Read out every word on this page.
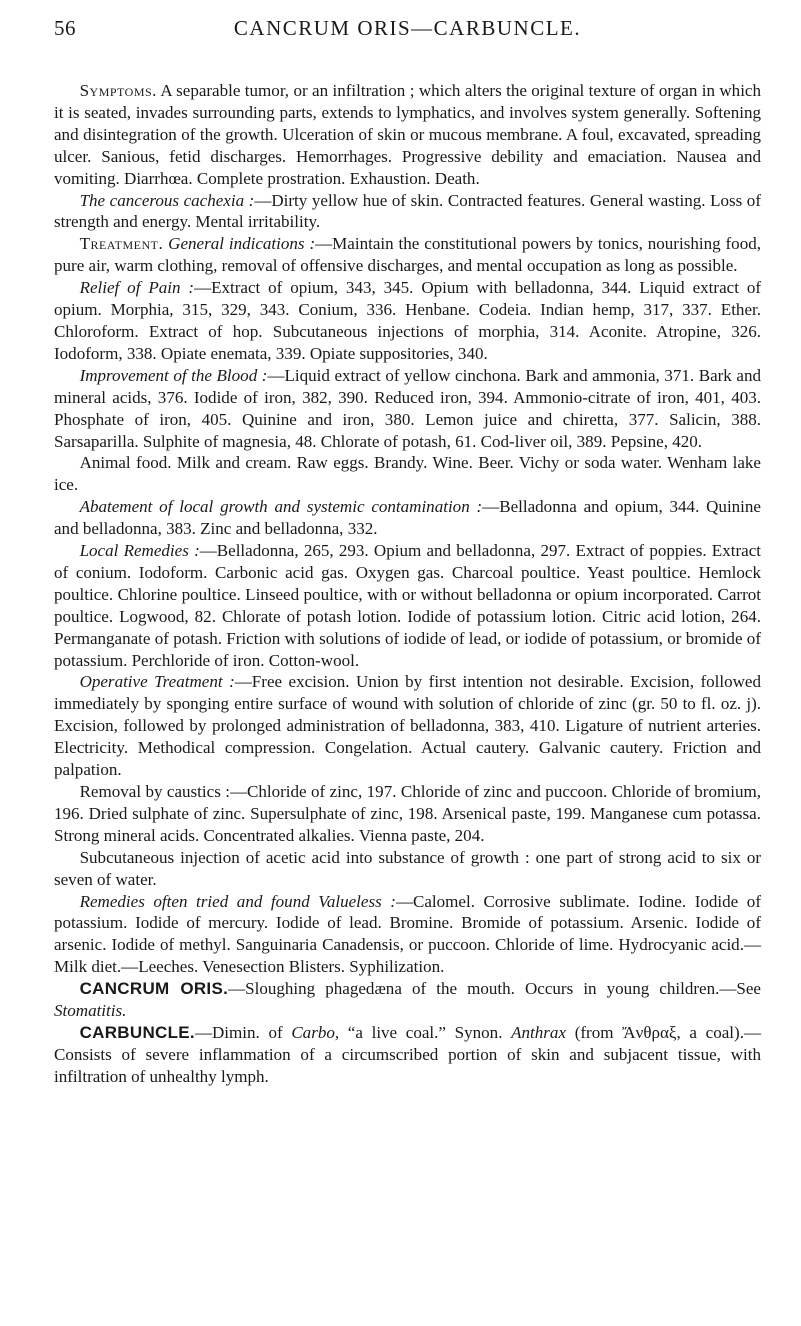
56	CANCRUM ORIS—CARBUNCLE.

Symptoms. A separable tumor, or an infiltration ; which alters the original texture of organ in which it is seated, invades surrounding parts, extends to lymphatics, and involves system generally. Softening and disintegration of the growth. Ulceration of skin or mucous membrane. A foul, excavated, spreading ulcer. Sanious, fetid discharges. Hemorrhages. Progressive debility and emaciation. Nausea and vomiting. Diarrhœa. Complete prostration. Exhaustion. Death.

The cancerous cachexia :—Dirty yellow hue of skin. Contracted features. General wasting. Loss of strength and energy. Mental irritability.

Treatment. General indications :—Maintain the constitutional powers by tonics, nourishing food, pure air, warm clothing, removal of offensive discharges, and mental occupation as long as possible.

Relief of Pain :—Extract of opium, 343, 345. Opium with belladonna, 344. Liquid extract of opium. Morphia, 315, 329, 343. Conium, 336. Henbane. Codeia. Indian hemp, 317, 337. Ether. Chloroform. Extract of hop. Subcutaneous injections of morphia, 314. Aconite. Atropine, 326. Iodoform, 338. Opiate enemata, 339. Opiate suppositories, 340.

Improvement of the Blood :—Liquid extract of yellow cinchona. Bark and ammonia, 371. Bark and mineral acids, 376. Iodide of iron, 382, 390. Reduced iron, 394. Ammonio-citrate of iron, 401, 403. Phosphate of iron, 405. Quinine and iron, 380. Lemon juice and chiretta, 377. Salicin, 388. Sarsaparilla. Sulphite of magnesia, 48. Chlorate of potash, 61. Cod-liver oil, 389. Pepsine, 420.

Animal food. Milk and cream. Raw eggs. Brandy. Wine. Beer. Vichy or soda water. Wenham lake ice.

Abatement of local growth and systemic contamination :—Belladonna and opium, 344. Quinine and belladonna, 383. Zinc and belladonna, 332.

Local Remedies :—Belladonna, 265, 293. Opium and belladonna, 297. Extract of poppies. Extract of conium. Iodoform. Carbonic acid gas. Oxygen gas. Charcoal poultice. Yeast poultice. Hemlock poultice. Chlorine poultice. Linseed poultice, with or without belladonna or opium incorporated. Carrot poultice. Logwood, 82. Chlorate of potash lotion. Iodide of potassium lotion. Citric acid lotion, 264. Permanganate of potash. Friction with solutions of iodide of lead, or iodide of potassium, or bromide of potassium. Perchloride of iron. Cotton-wool.

Operative Treatment :—Free excision. Union by first intention not desirable. Excision, followed immediately by sponging entire surface of wound with solution of chloride of zinc (gr. 50 to fl. oz. j). Excision, followed by prolonged administration of belladonna, 383, 410. Ligature of nutrient arteries. Electricity. Methodical compression. Congelation. Actual cautery. Galvanic cautery. Friction and palpation.

Removal by caustics :—Chloride of zinc, 197. Chloride of zinc and puccoon. Chloride of bromium, 196. Dried sulphate of zinc. Supersulphate of zinc, 198. Arsenical paste, 199. Manganese cum potassa. Strong mineral acids. Concentrated alkalies. Vienna paste, 204.

Subcutaneous injection of acetic acid into substance of growth : one part of strong acid to six or seven of water.

Remedies often tried and found Valueless :—Calomel. Corrosive sublimate. Iodine. Iodide of potassium. Iodide of mercury. Iodide of lead. Bromine. Bromide of potassium. Arsenic. Iodide of arsenic. Iodide of methyl. Sanguinaria Canadensis, or puccoon. Chloride of lime. Hydrocyanic acid.—Milk diet.—Leeches. Venesection Blisters. Syphilization.

CANCRUM ORIS.—Sloughing phagedæna of the mouth. Occurs in young children.—See Stomatitis.

CARBUNCLE.—Dimin. of Carbo, “a live coal.” Synon. Anthrax (from Ἄνθραξ, a coal).—Consists of severe inflammation of a circumscribed portion of skin and subjacent tissue, with infiltration of unhealthy lymph.
